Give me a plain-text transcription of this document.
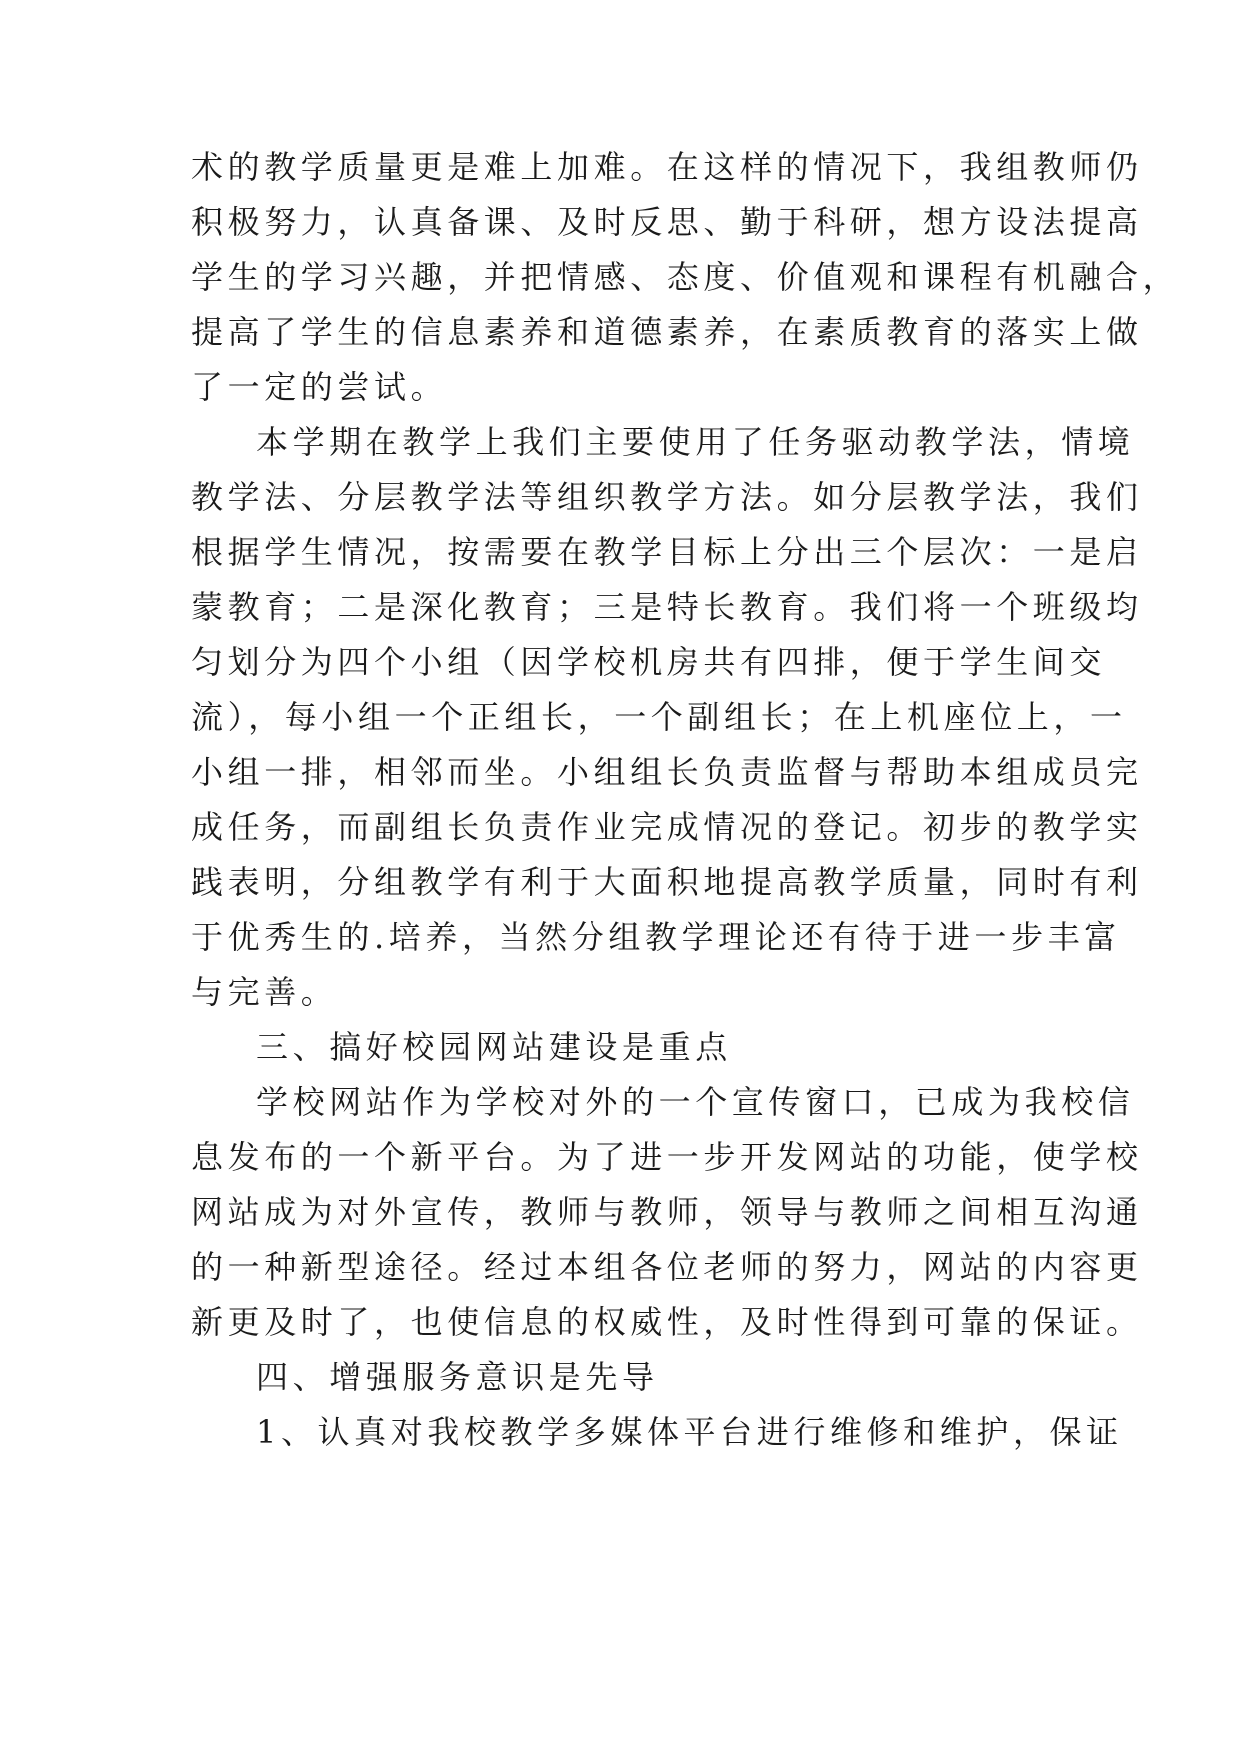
术的教学质量更是难上加难。在这样的情况下，我组教师仍
积极努力，认真备课、及时反思、勤于科研，想方设法提高
学生的学习兴趣，并把情感、态度、价值观和课程有机融合，
提高了学生的信息素养和道德素养，在素质教育的落实上做
了一定的尝试。
本学期在教学上我们主要使用了任务驱动教学法，情境
教学法、分层教学法等组织教学方法。如分层教学法，我们
根据学生情况，按需要在教学目标上分出三个层次：一是启
蒙教育；二是深化教育；三是特长教育。我们将一个班级均
匀划分为四个小组（因学校机房共有四排，便于学生间交
流），每小组一个正组长，一个副组长；在上机座位上，一
小组一排，相邻而坐。小组组长负责监督与帮助本组成员完
成任务，而副组长负责作业完成情况的登记。初步的教学实
践表明，分组教学有利于大面积地提高教学质量，同时有利
于优秀生的.培养，当然分组教学理论还有待于进一步丰富
与完善。
三、搞好校园网站建设是重点
学校网站作为学校对外的一个宣传窗口，已成为我校信
息发布的一个新平台。为了进一步开发网站的功能，使学校
网站成为对外宣传，教师与教师，领导与教师之间相互沟通
的一种新型途径。经过本组各位老师的努力，网站的内容更
新更及时了，也使信息的权威性，及时性得到可靠的保证。
四、增强服务意识是先导
1、认真对我校教学多媒体平台进行维修和维护，保证
